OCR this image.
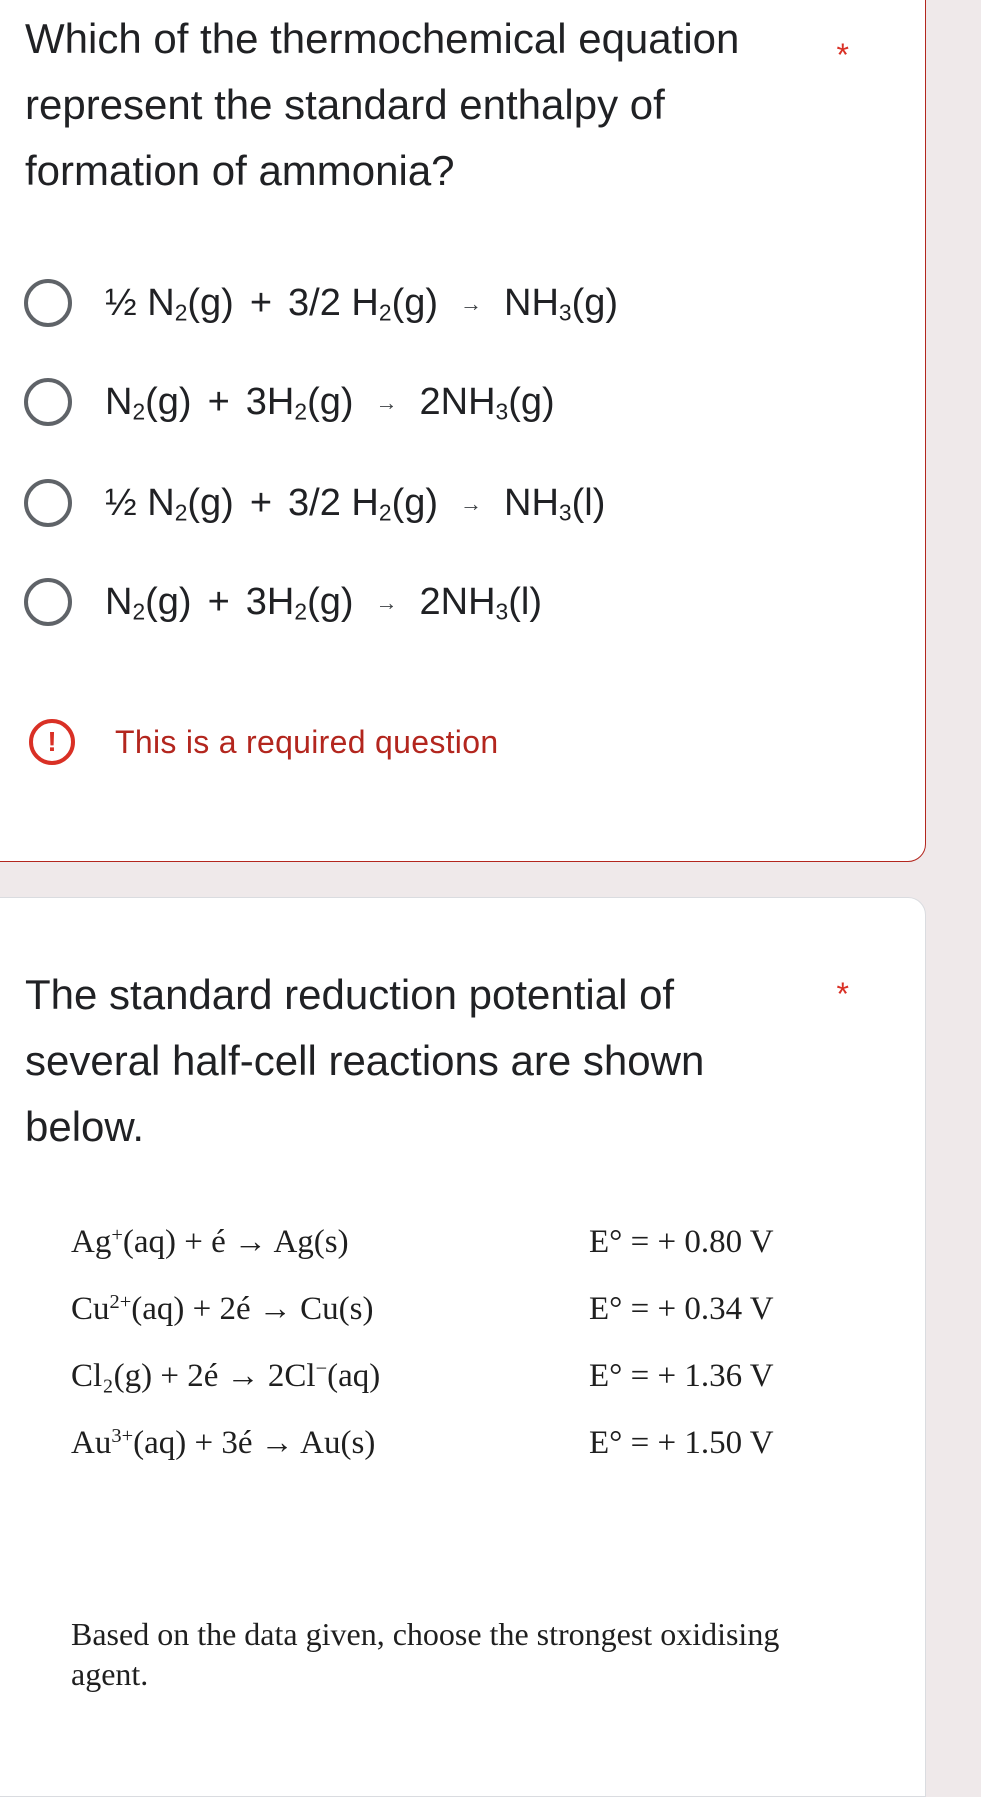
Which of the thermochemical equation represent the standard enthalpy of formation of ammonia?
*
½ $N_2(g) + 3/2$ $H_2(g) \to NH_3(g)$
$N_2(g) + 3H_2(g) \to 2NH_3(g)$
½ $N_2(g) + 3/2$ $H_2(g) \to NH_3(l)$
$N_2(g) + 3H_2(g) \to 2NH_3(l)$
!	This is a required question
The standard reduction potential of several half-cell reactions are shown below.
*
Ag+(aq) + é → Ag(s)	E° = + 0.80 V
$Cu^{2+}(aq)$ + 2é → Cu(s)	E° = + 0.34 V
Cl₂(g) + 2é → 2Cl−(aq)	E° = + 1.36 V
$Au^{3+}(aq)$ + 3é → Au(s)	E° = + 1.50 V

Based on the data given, choose the strongest oxidising agent.
